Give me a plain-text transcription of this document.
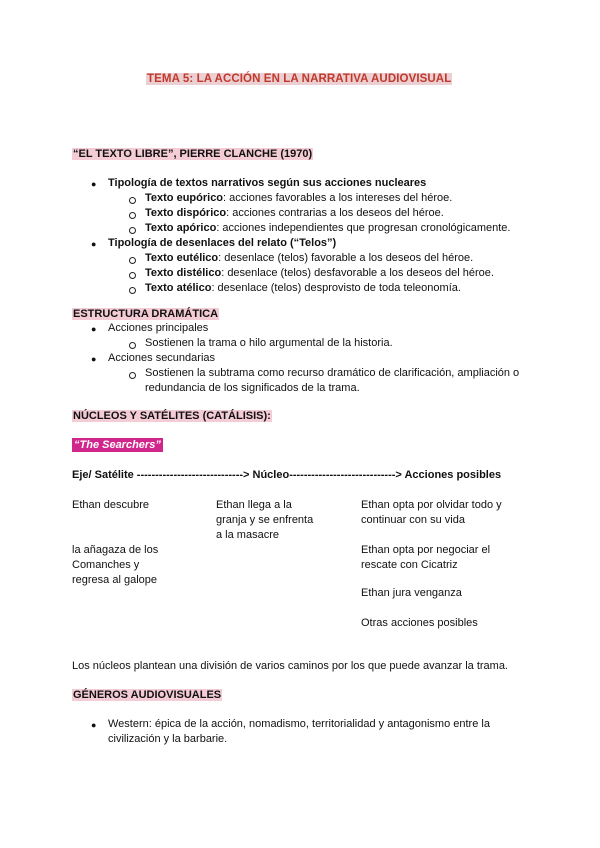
TEMA 5: LA ACCIÓN EN LA NARRATIVA AUDIOVISUAL
“EL TEXTO LIBRE”, PIERRE CLANCHE (1970)
● Tipología de textos narrativos según sus acciones nucleares
Texto eupórico: acciones favorables a los intereses del héroe.
Texto dispórico: acciones contrarias a los deseos del héroe.
Texto apórico: acciones independientes que progresan cronológicamente.
● Tipología de desenlaces del relato (“Telos”)
Texto eutélico: desenlace (telos) favorable a los deseos del héroe.
Texto distélico: desenlace (telos) desfavorable a los deseos del héroe.
Texto atélico: desenlace (telos) desprovisto de toda teleonomía.
ESTRUCTURA DRAMÁTICA
● Acciones principales
Sostienen la trama o hilo argumental de la historia.
● Acciones secundarias
Sostienen la subtrama como recurso dramático de clarificación, ampliación o
redundancia de los significados de la trama.
NÚCLEOS Y SATÉLITES (CATÁLISIS):
“The Searchers”
Eje/ Satélite -----------------------------> Núcleo-----------------------------> Acciones posibles
Ethan descubre
la añagaza de los
Comanches y
regresa al galope
Ethan llega a la
granja y se enfrenta
a la masacre
Ethan opta por olvidar todo y
continuar con su vida
Ethan opta por negociar el
rescate con Cicatriz
Ethan jura venganza
Otras acciones posibles
Los núcleos plantean una división de varios caminos por los que puede avanzar la trama.
GÉNEROS AUDIOVISUALES
● Western: épica de la acción, nomadismo, territorialidad y antagonismo entre la
civilización y la barbarie.
